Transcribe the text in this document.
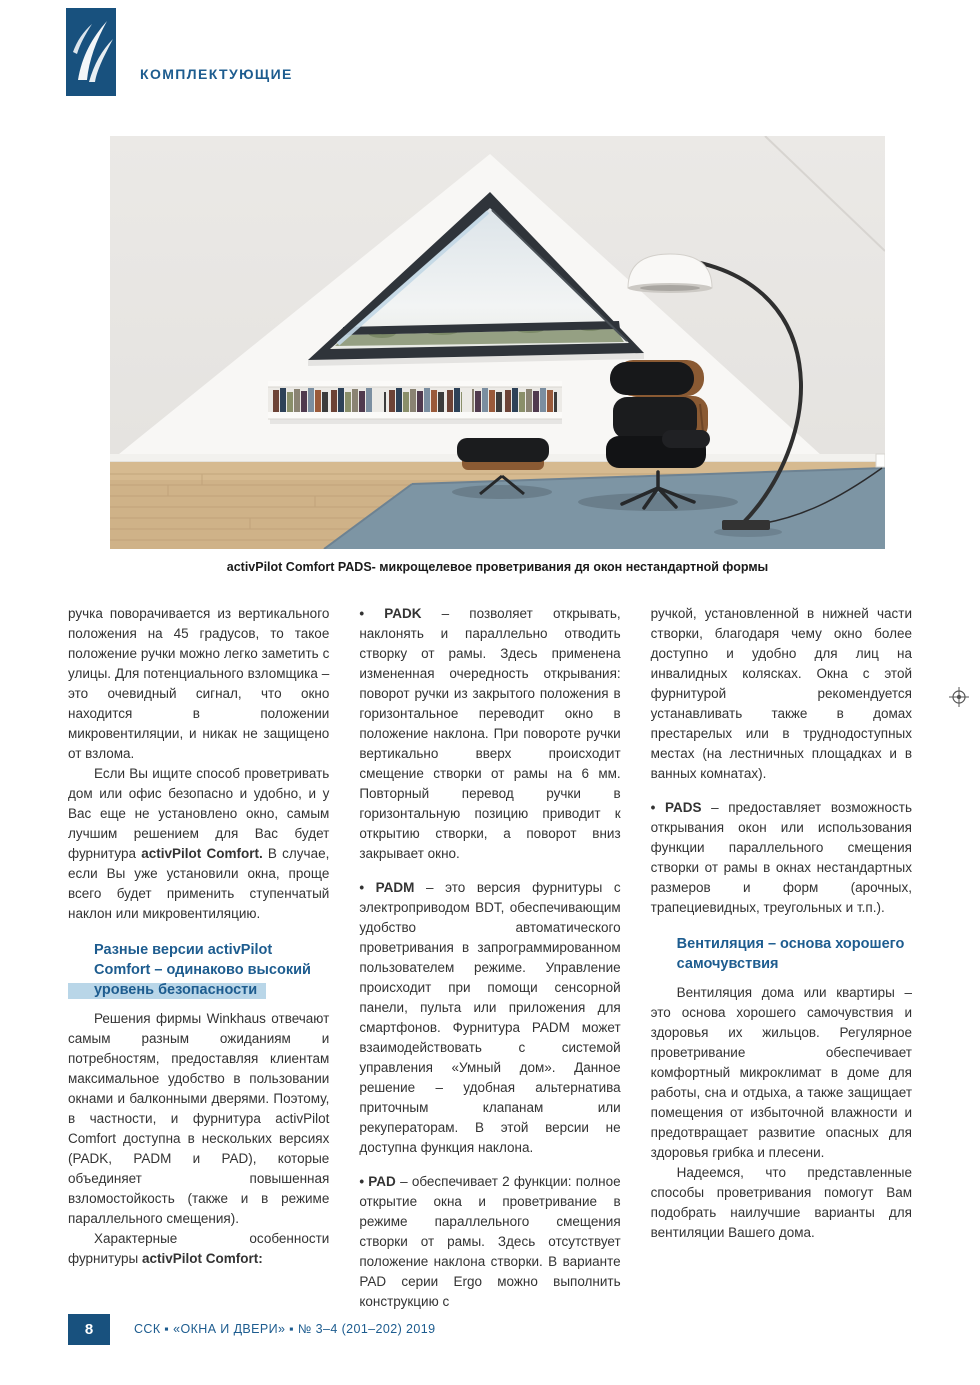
КОМПЛЕКТУЮЩИЕ
activPilot Comfort PADS- микрощелевое проветривания дя окон нестандартной формы

ручка поворачивается из вертикального положения на 45 градусов, то такое положение ручки можно легко заметить с улицы. Для потенциального взломщика – это очевидный сигнал, что окно находится в положении микровентиляции, и никак не защищено от взлома.

Если Вы ищите способ проветривать дом или офис безопасно и удобно, и у Вас еще не установлено окно, самым лучшим решением для Вас будет фурнитура activPilot Comfort. В случае, если Вы уже установили окна, проще всего будет применить ступенчатый наклон или микровентиляцию.

Разные версии activPilot Comfort – одинаково высокий уровень безопасности

Решения фирмы Winkhaus отвечают самым разным ожиданиям и потребностям, предоставляя клиентам максимальное удобство в пользовании окнами и балконными дверями. Поэтому, в частности, и фурнитура activPilot Comfort доступна в нескольких версиях (PADK, PADM и PAD), которые объединяет повышенная взломостойкость (также и в режиме параллельного смещения).

Характерные особенности фурнитуры activPilot Comfort:

• PADK – позволяет открывать, наклонять и параллельно отводить створку от рамы. Здесь применена измененная очередность открывания: поворот ручки из закрытого положения в горизонтальное переводит окно в положение наклона. При повороте ручки вертикально вверх происходит смещение створки от рамы на 6 мм. Повторный перевод ручки в горизонтальную позицию приводит к открытию створки, а поворот вниз закрывает окно.

• PADM – это версия фурнитуры с электроприводом BDT, обеспечивающим удобство автоматического проветривания в запрограммированном пользователем режиме. Управление происходит при помощи сенсорной панели, пульта или приложения для смартфонов. Фурнитура PADM может взаимодействовать с системой управления «Умный дом». Данное решение – удобная альтернатива приточным клапанам или рекуператорам. В этой версии не доступна функция наклона.

• PAD – обеспечивает 2 функции: полное открытие окна и проветривание в режиме параллельного смещения створки от рамы. Здесь отсутствует положение наклона створки. В варианте PAD серии Ergo можно выполнить конструкцию с

ручкой, установленной в нижней части створки, благодаря чему окно более доступно и удобно для лиц на инвалидных колясках. Окна с этой фурнитурой рекомендуется устанавливать также в домах престарелых или в труднодоступных местах (на лестничных площадках и в ванных комнатах).

• PADS – предоставляет возможность открывания окон или использования функции параллельного смещения створки от рамы в окнах нестандартных размеров и форм (арочных, трапециевидных, треугольных и т.п.).

Вентиляция – основа хорошего самочувствия

Вентиляция дома или квартиры – это основа хорошего самочувствия и здоровья их жильцов. Регулярное проветривание обеспечивает комфортный микроклимат в доме для работы, сна и отдыха, а также защищает помещения от избыточной влажности и предотвращает развитие опасных для здоровья грибка и плесени.

Надеемся, что представленные способы проветривания помогут Вам подобрать наилучшие варианты для вентиляции Вашего дома.

8	ССК ▪ «ОКНА И ДВЕРИ» ▪ № 3–4 (201–202) 2019
